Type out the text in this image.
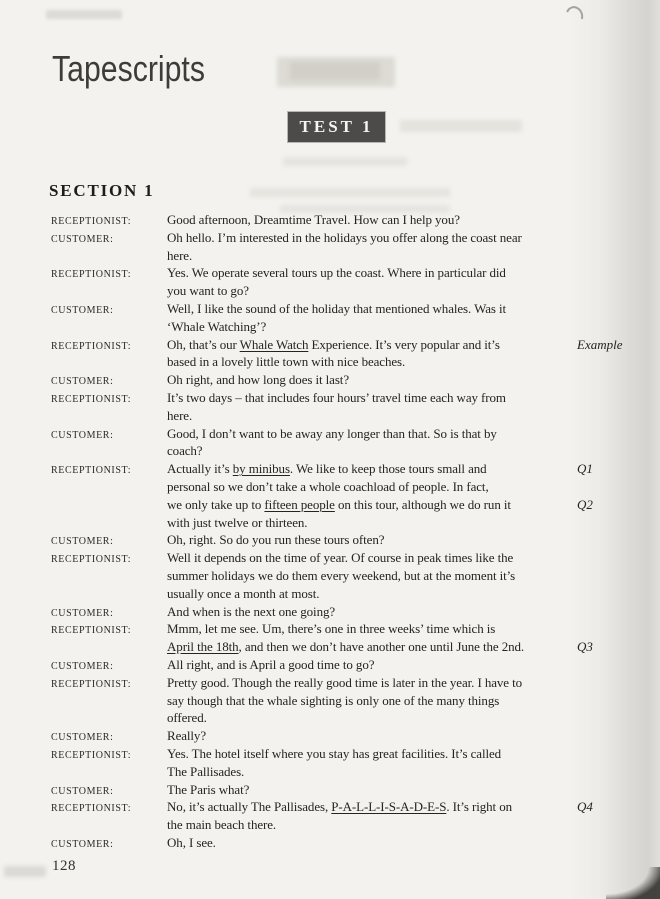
Tapescripts
TEST 1
SECTION 1
RECEPTIONIST:	Good afternoon, Dreamtime Travel. How can I help you?
CUSTOMER:	Oh hello. I’m interested in the holidays you offer along the coast near
here.
RECEPTIONIST:	Yes. We operate several tours up the coast. Where in particular did
you want to go?
CUSTOMER:	Well, I like the sound of the holiday that mentioned whales. Was it
‘Whale Watching’?
RECEPTIONIST:	Oh, that’s our Whale Watch Experience. It’s very popular and it’s	Example
based in a lovely little town with nice beaches.
CUSTOMER:	Oh right, and how long does it last?
RECEPTIONIST:	It’s two days – that includes four hours’ travel time each way from
here.
CUSTOMER:	Good, I don’t want to be away any longer than that. So is that by
coach?
RECEPTIONIST:	Actually it’s by minibus. We like to keep those tours small and	Q1
personal so we don’t take a whole coachload of people. In fact,
we only take up to fifteen people on this tour, although we do run it	Q2
with just twelve or thirteen.
CUSTOMER:	Oh, right. So do you run these tours often?
RECEPTIONIST:	Well it depends on the time of year. Of course in peak times like the
summer holidays we do them every weekend, but at the moment it’s
usually once a month at most.
CUSTOMER:	And when is the next one going?
RECEPTIONIST:	Mmm, let me see. Um, there’s one in three weeks’ time which is
April the 18th, and then we don’t have another one until June the 2nd.	Q3
CUSTOMER:	All right, and is April a good time to go?
RECEPTIONIST:	Pretty good. Though the really good time is later in the year. I have to
say though that the whale sighting is only one of the many things
offered.
CUSTOMER:	Really?
RECEPTIONIST:	Yes. The hotel itself where you stay has great facilities. It’s called
The Pallisades.
CUSTOMER:	The Paris what?
RECEPTIONIST:	No, it’s actually The Pallisades, P-A-L-L-I-S-A-D-E-S. It’s right on	Q4
the main beach there.
CUSTOMER:	Oh, I see.
128
